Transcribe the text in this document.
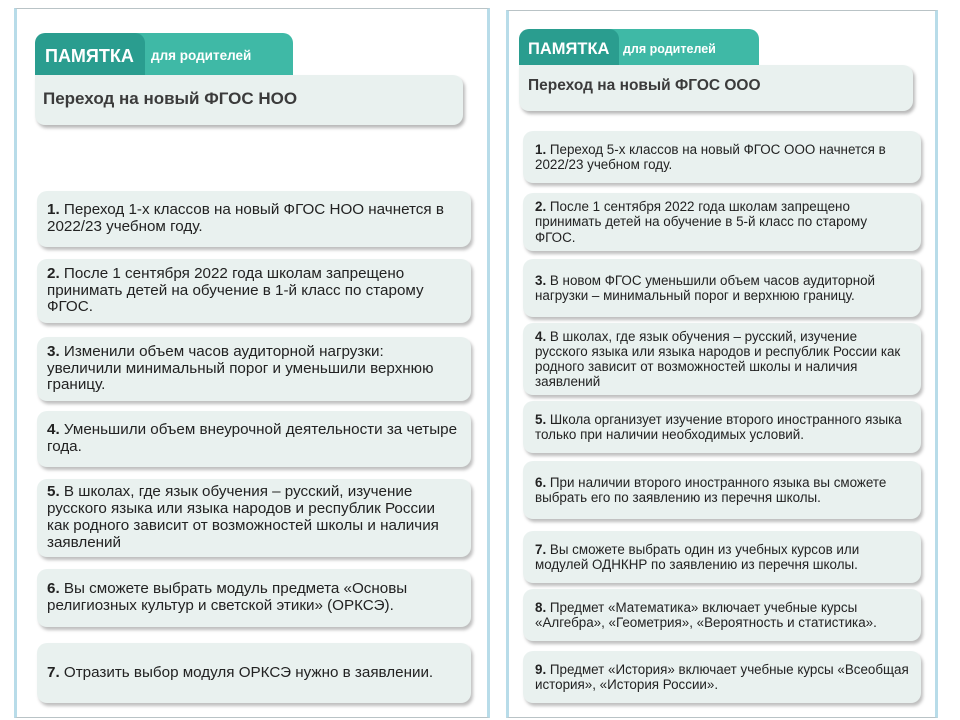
для родителей
ПАМЯТКА
Переход на новый ФГОС НОО

1. Переход 1-х классов на новый ФГОС НОО начнется в 2022/23 учебном году.

2. После 1 сентября 2022 года школам запрещено принимать детей на обучение в 1-й класс по старому ФГОС.

3. Изменили объем часов аудиторной нагрузки: увеличили минимальный порог и уменьшили верхнюю границу.

4. Уменьшили объем внеурочной деятельности за четыре года.

5. В школах, где язык обучения – русский, изучение русского языка или языка народов и республик России как родного зависит от возможностей школы и наличия заявлений

6. Вы сможете выбрать модуль предмета «Основы религиозных культур и светской этики» (ОРКСЭ).

7. Отразить выбор модуля ОРКСЭ нужно в заявлении.

для родителей
ПАМЯТКА
Переход на новый ФГОС ООО

1. Переход 5-х классов на новый ФГОС ООО начнется в 2022/23 учебном году.

2. После 1 сентября 2022 года школам запрещено принимать детей на обучение в 5-й класс по старому ФГОС.

3. В новом ФГОС уменьшили объем часов аудиторной нагрузки – минимальный порог и верхнюю границу.

4. В школах, где язык обучения – русский, изучение русского языка или языка народов и республик России как родного зависит от возможностей школы и наличия заявлений

5. Школа организует изучение второго иностранного языка только при наличии необходимых условий.

6. При наличии второго иностранного языка вы сможете выбрать его по заявлению из перечня школы.

7. Вы сможете выбрать один из учебных курсов или модулей ОДНКНР по заявлению из перечня школы.

8. Предмет «Математика» включает учебные курсы «Алгебра», «Геометрия», «Вероятность и статистика».

9. Предмет «История» включает учебные курсы «Всеобщая история», «История России».
